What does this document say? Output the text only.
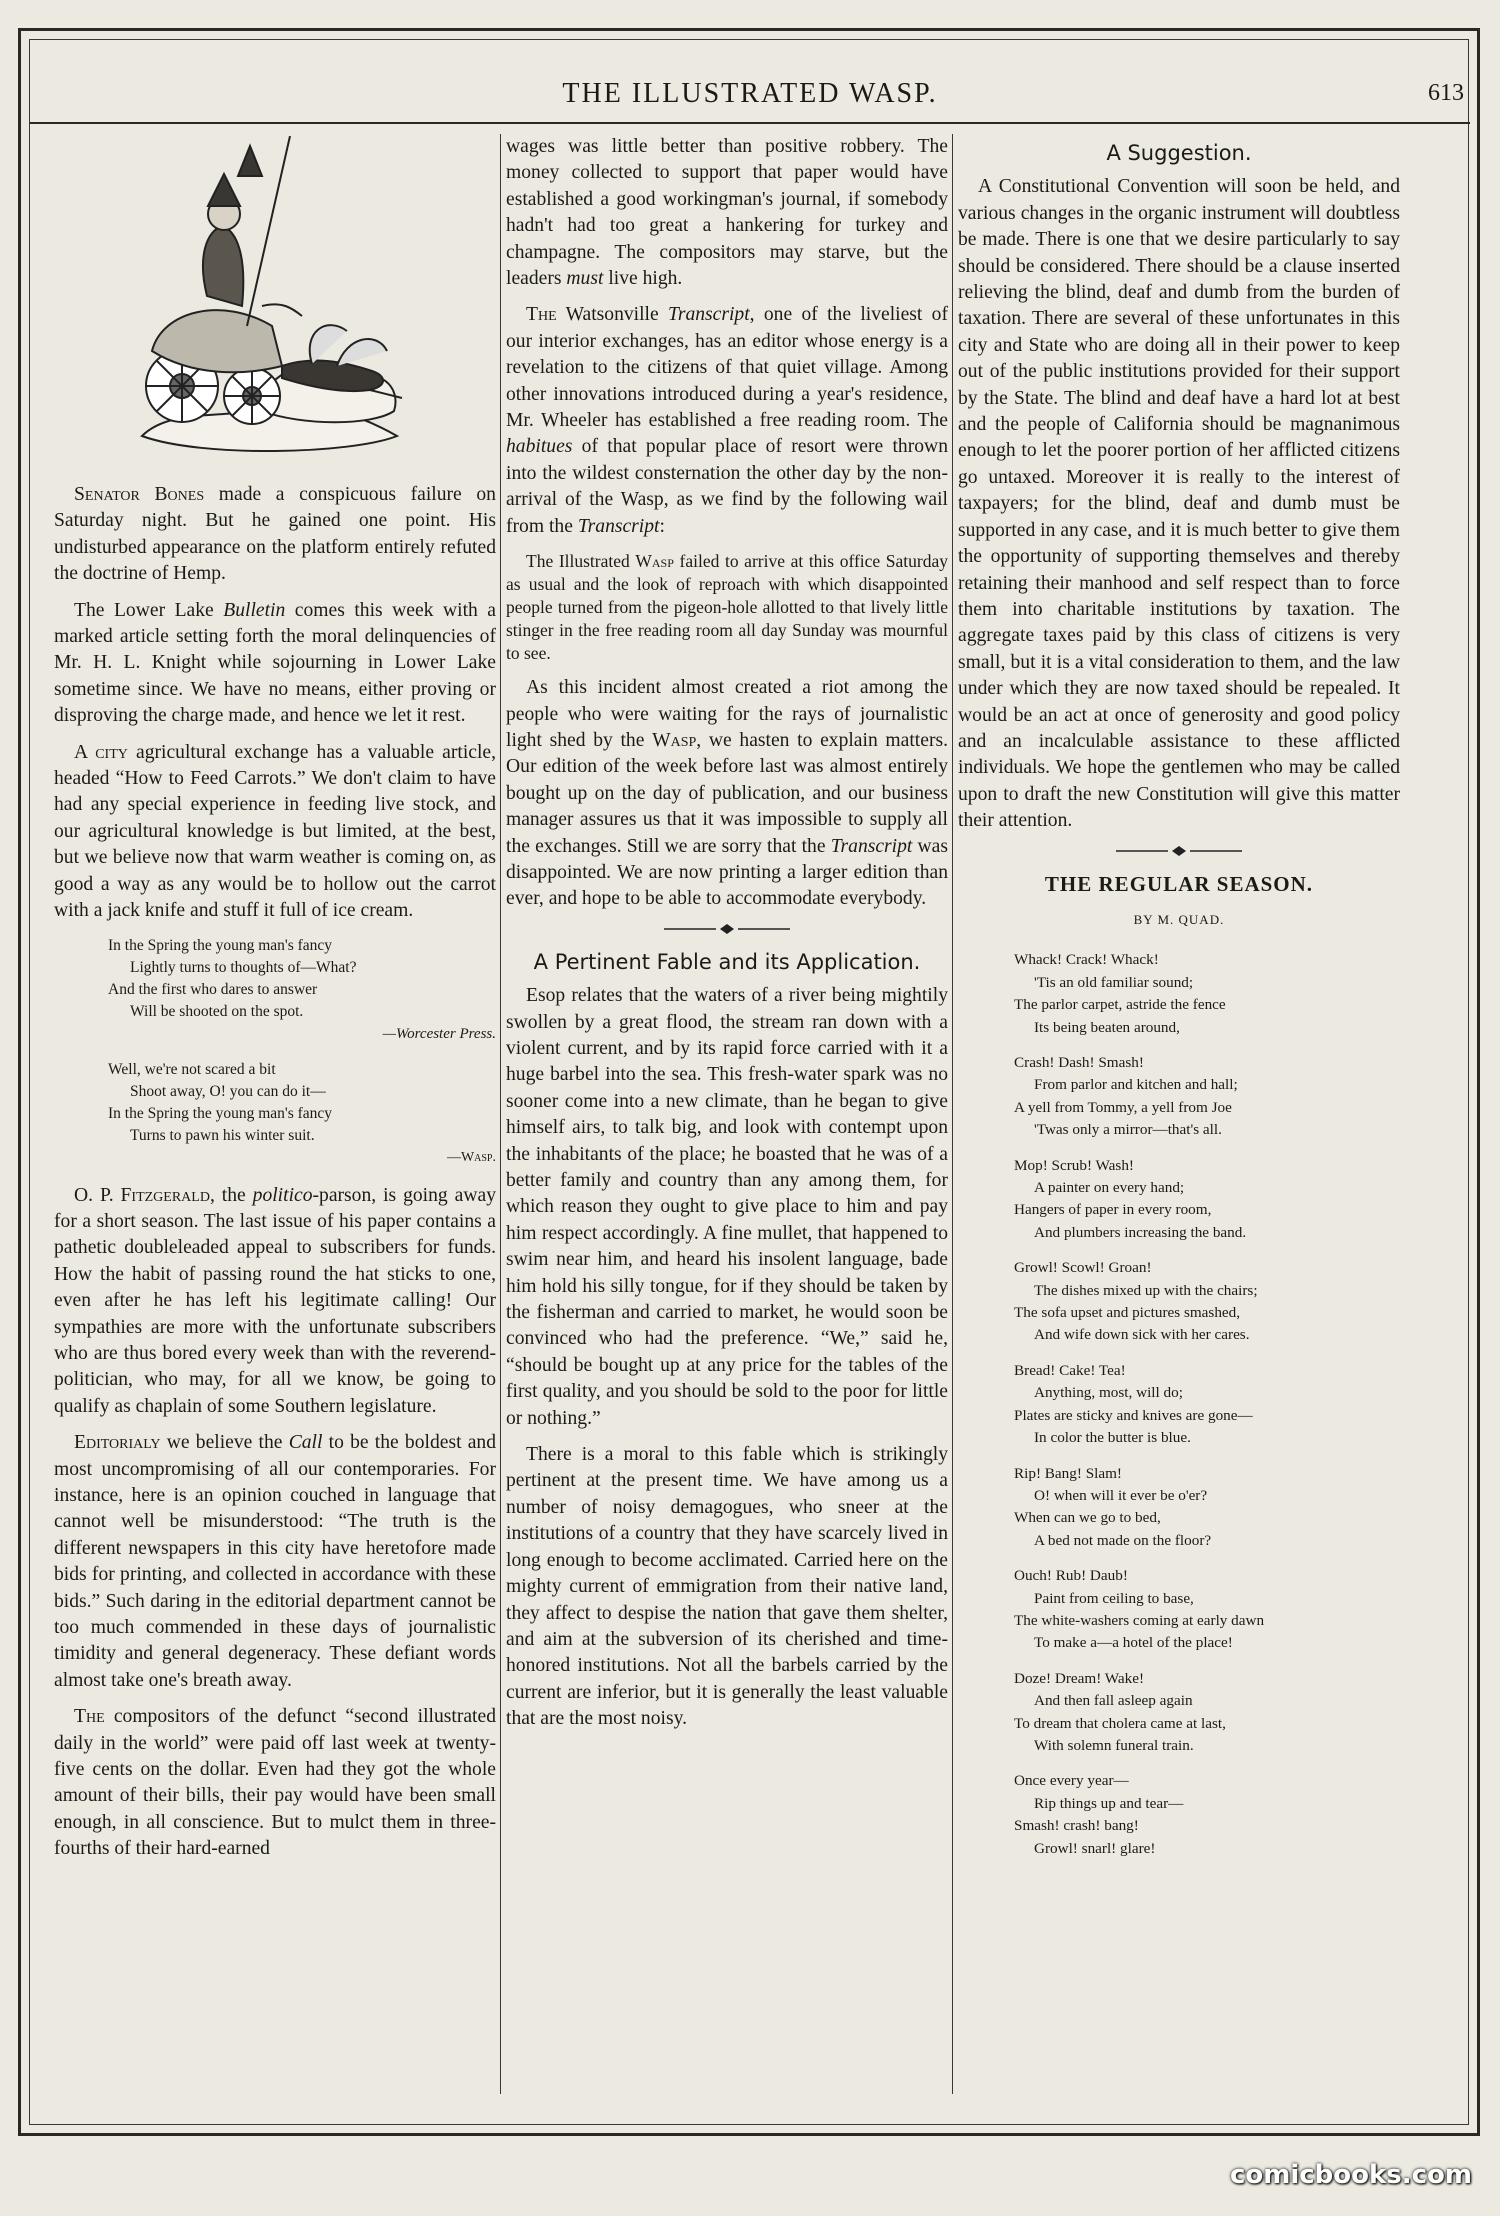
THE ILLUSTRATED WASP.	613

Senator Bones made a conspicuous failure on Saturday night. But he gained one point. His undisturbed appearance on the platform entirely refuted the doctrine of Hemp.

The Lower Lake Bulletin comes this week with a marked article setting forth the moral delinquencies of Mr. H. L. Knight while sojourning in Lower Lake sometime since. We have no means, either proving or disproving the charge made, and hence we let it rest.

A city agricultural exchange has a valuable article, headed “How to Feed Carrots.” We don't claim to have had any special experience in feeding live stock, and our agricultural knowledge is but limited, at the best, but we believe now that warm weather is coming on, as good a way as any would be to hollow out the carrot with a jack knife and stuff it full of ice cream.

In the Spring the young man's fancy
Lightly turns to thoughts of—What?
And the first who dares to answer
Will be shooted on the spot.
—Worcester Press.
Well, we're not scared a bit
Shoot away, O! you can do it—
In the Spring the young man's fancy
Turns to pawn his winter suit.
—Wasp.

O. P. Fitzgerald, the politico-parson, is going away for a short season. The last issue of his paper contains a pathetic doubleleaded appeal to subscribers for funds. How the habit of passing round the hat sticks to one, even after he has left his legitimate calling! Our sympathies are more with the unfortunate subscribers who are thus bored every week than with the reverend-politician, who may, for all we know, be going to qualify as chaplain of some Southern legislature.

Editorialy we believe the Call to be the boldest and most uncompromising of all our contemporaries. For instance, here is an opinion couched in language that cannot well be misunderstood: “The truth is the different newspapers in this city have heretofore made bids for printing, and collected in accordance with these bids.” Such daring in the editorial department cannot be too much commended in these days of journalistic timidity and general degeneracy. These defiant words almost take one's breath away.

The compositors of the defunct “second illustrated daily in the world” were paid off last week at twenty-five cents on the dollar. Even had they got the whole amount of their bills, their pay would have been small enough, in all conscience. But to mulct them in three-fourths of their hard-earned

wages was little better than positive robbery. The money collected to support that paper would have established a good workingman's journal, if somebody hadn't had too great a hankering for turkey and champagne. The compositors may starve, but the leaders must live high.

The Watsonville Transcript, one of the liveliest of our interior exchanges, has an editor whose energy is a revelation to the citizens of that quiet village. Among other innovations introduced during a year's residence, Mr. Wheeler has established a free reading room. The habitues of that popular place of resort were thrown into the wildest consternation the other day by the non-arrival of the Wasp, as we find by the following wail from the Transcript:

The Illustrated Wasp failed to arrive at this office Saturday as usual and the look of reproach with which disappointed people turned from the pigeon-hole allotted to that lively little stinger in the free reading room all day Sunday was mournful to see.

As this incident almost created a riot among the people who were waiting for the rays of journalistic light shed by the Wasp, we hasten to explain matters. Our edition of the week before last was almost entirely bought up on the day of publication, and our business manager assures us that it was impossible to supply all the exchanges. Still we are sorry that the Transcript was disappointed. We are now printing a larger edition than ever, and hope to be able to accommodate everybody.

A Pertinent Fable and its Application.

Esop relates that the waters of a river being mightily swollen by a great flood, the stream ran down with a violent current, and by its rapid force carried with it a huge barbel into the sea. This fresh-water spark was no sooner come into a new climate, than he began to give himself airs, to talk big, and look with contempt upon the inhabitants of the place; he boasted that he was of a better family and country than any among them, for which reason they ought to give place to him and pay him respect accordingly. A fine mullet, that happened to swim near him, and heard his insolent language, bade him hold his silly tongue, for if they should be taken by the fisherman and carried to market, he would soon be convinced who had the preference. “We,” said he, “should be bought up at any price for the tables of the first quality, and you should be sold to the poor for little or nothing.”

There is a moral to this fable which is strikingly pertinent at the present time. We have among us a number of noisy demagogues, who sneer at the institutions of a country that they have scarcely lived in long enough to become acclimated. Carried here on the mighty current of emmigration from their native land, they affect to despise the nation that gave them shelter, and aim at the subversion of its cherished and time-honored institutions. Not all the barbels carried by the current are inferior, but it is generally the least valuable that are the most noisy.

A Suggestion.

A Constitutional Convention will soon be held, and various changes in the organic instrument will doubtless be made. There is one that we desire particularly to say should be considered. There should be a clause inserted relieving the blind, deaf and dumb from the burden of taxation. There are several of these unfortunates in this city and State who are doing all in their power to keep out of the public institutions provided for their support by the State. The blind and deaf have a hard lot at best and the people of California should be magnanimous enough to let the poorer portion of her afflicted citizens go untaxed. Moreover it is really to the interest of taxpayers; for the blind, deaf and dumb must be supported in any case, and it is much better to give them the opportunity of supporting themselves and thereby retaining their manhood and self respect than to force them into charitable institutions by taxation. The aggregate taxes paid by this class of citizens is very small, but it is a vital consideration to them, and the law under which they are now taxed should be repealed. It would be an act at once of generosity and good policy and an incalculable assistance to these afflicted individuals. We hope the gentlemen who may be called upon to draft the new Constitution will give this matter their attention.

THE REGULAR SEASON.
BY M. QUAD.
Whack! Crack! Whack!
'Tis an old familiar sound;
The parlor carpet, astride the fence
Its being beaten around,
Crash! Dash! Smash!
From parlor and kitchen and hall;
A yell from Tommy, a yell from Joe
'Twas only a mirror—that's all.
Mop! Scrub! Wash!
A painter on every hand;
Hangers of paper in every room,
And plumbers increasing the band.
Growl! Scowl! Groan!
The dishes mixed up with the chairs;
The sofa upset and pictures smashed,
And wife down sick with her cares.
Bread! Cake! Tea!
Anything, most, will do;
Plates are sticky and knives are gone—
In color the butter is blue.
Rip! Bang! Slam!
O! when will it ever be o'er?
When can we go to bed,
A bed not made on the floor?
Ouch! Rub! Daub!
Paint from ceiling to base,
The white-washers coming at early dawn
To make a—a hotel of the place!
Doze! Dream! Wake!
And then fall asleep again
To dream that cholera came at last,
With solemn funeral train.
Once every year—
Rip things up and tear—
Smash! crash! bang!
Growl! snarl! glare!
comicbooks.com
